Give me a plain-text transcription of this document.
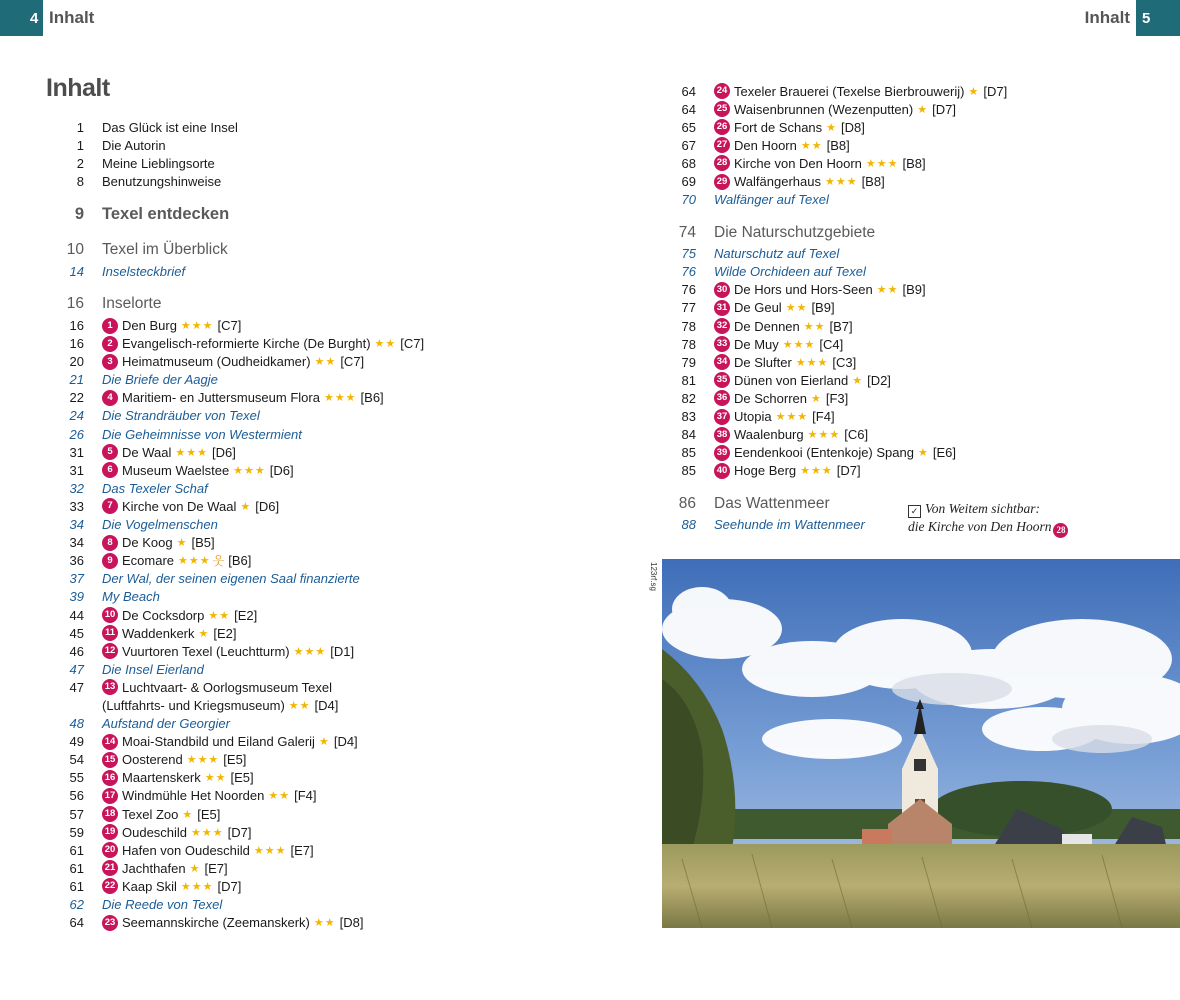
4 Inhalt	Inhalt 5
Inhalt
1	Das Glück ist eine Insel
1	Die Autorin
2	Meine Lieblingsorte
8	Benutzungshinweise
9	Texel entdecken
10	Texel im Überblick
14	Inselsteckbrief
16	Inselorte
16	1 Den Burg ★★★ [C7]
16	2 Evangelisch-reformierte Kirche (De Burght) ★★ [C7]
20	3 Heimatmuseum (Oudheidkamer) ★★ [C7]
21	Die Briefe der Aagje
22	4 Maritiem- en Juttersmuseum Flora ★★★ [B6]
24	Die Strandräuber von Texel
26	Die Geheimnisse von Westermient
31	5 De Waal ★★★ [D6]
31	6 Museum Waelstee ★★★ [D6]
32	Das Texeler Schaf
33	7 Kirche von De Waal ★ [D6]
34	Die Vogelmenschen
34	8 De Koog ★ [B5]
36	9 Ecomare ★★★ 웃 [B6]
37	Der Wal, der seinen eigenen Saal finanzierte
39	My Beach
44	10 De Cocksdorp ★★ [E2]
45	11 Waddenkerk ★ [E2]
46	12 Vuurtoren Texel (Leuchtturm) ★★★ [D1]
47	Die Insel Eierland
47	13 Luchtvaart- & Oorlogsmuseum Texel
(Luftfahrts- und Kriegsmuseum) ★★ [D4]
48	Aufstand der Georgier
49	14 Moai-Standbild und Eiland Galerij ★ [D4]
54	15 Oosterend ★★★ [E5]
55	16 Maartenskerk ★★ [E5]
56	17 Windmühle Het Noorden ★★ [F4]
57	18 Texel Zoo ★ [E5]
59	19 Oudeschild ★★★ [D7]
61	20 Hafen von Oudeschild ★★★ [E7]
61	21 Jachthafen ★ [E7]
61	22 Kaap Skil ★★★ [D7]
62	Die Reede von Texel
64	23 Seemannskirche (Zeemanskerk) ★★ [D8]
64	24 Texeler Brauerei (Texelse Bierbrouwerij) ★ [D7]
64	25 Waisenbrunnen (Wezenputten) ★ [D7]
65	26 Fort de Schans ★ [D8]
67	27 Den Hoorn ★★ [B8]
68	28 Kirche von Den Hoorn ★★★ [B8]
69	29 Walfängerhaus ★★★ [B8]
70	Walfänger auf Texel
74	Die Naturschutzgebiete
75	Naturschutz auf Texel
76	Wilde Orchideen auf Texel
76	30 De Hors und Hors-Seen ★★ [B9]
77	31 De Geul ★★ [B9]
78	32 De Dennen ★★ [B7]
78	33 De Muy ★★★ [C4]
79	34 De Slufter ★★★ [C3]
81	35 Dünen von Eierland ★ [D2]
82	36 De Schorren ★ [F3]
83	37 Utopia ★★★ [F4]
84	38 Waalenburg ★★★ [C6]
85	39 Eendenkooi (Entenkoje) Spang ★ [E6]
85	40 Hoge Berg ★★★ [D7]
86	Das Wattenmeer
88	Seehunde im Wattenmeer
✓ Von Weitem sichtbar:
die Kirche von Den Hoorn 28
123rf.sg
